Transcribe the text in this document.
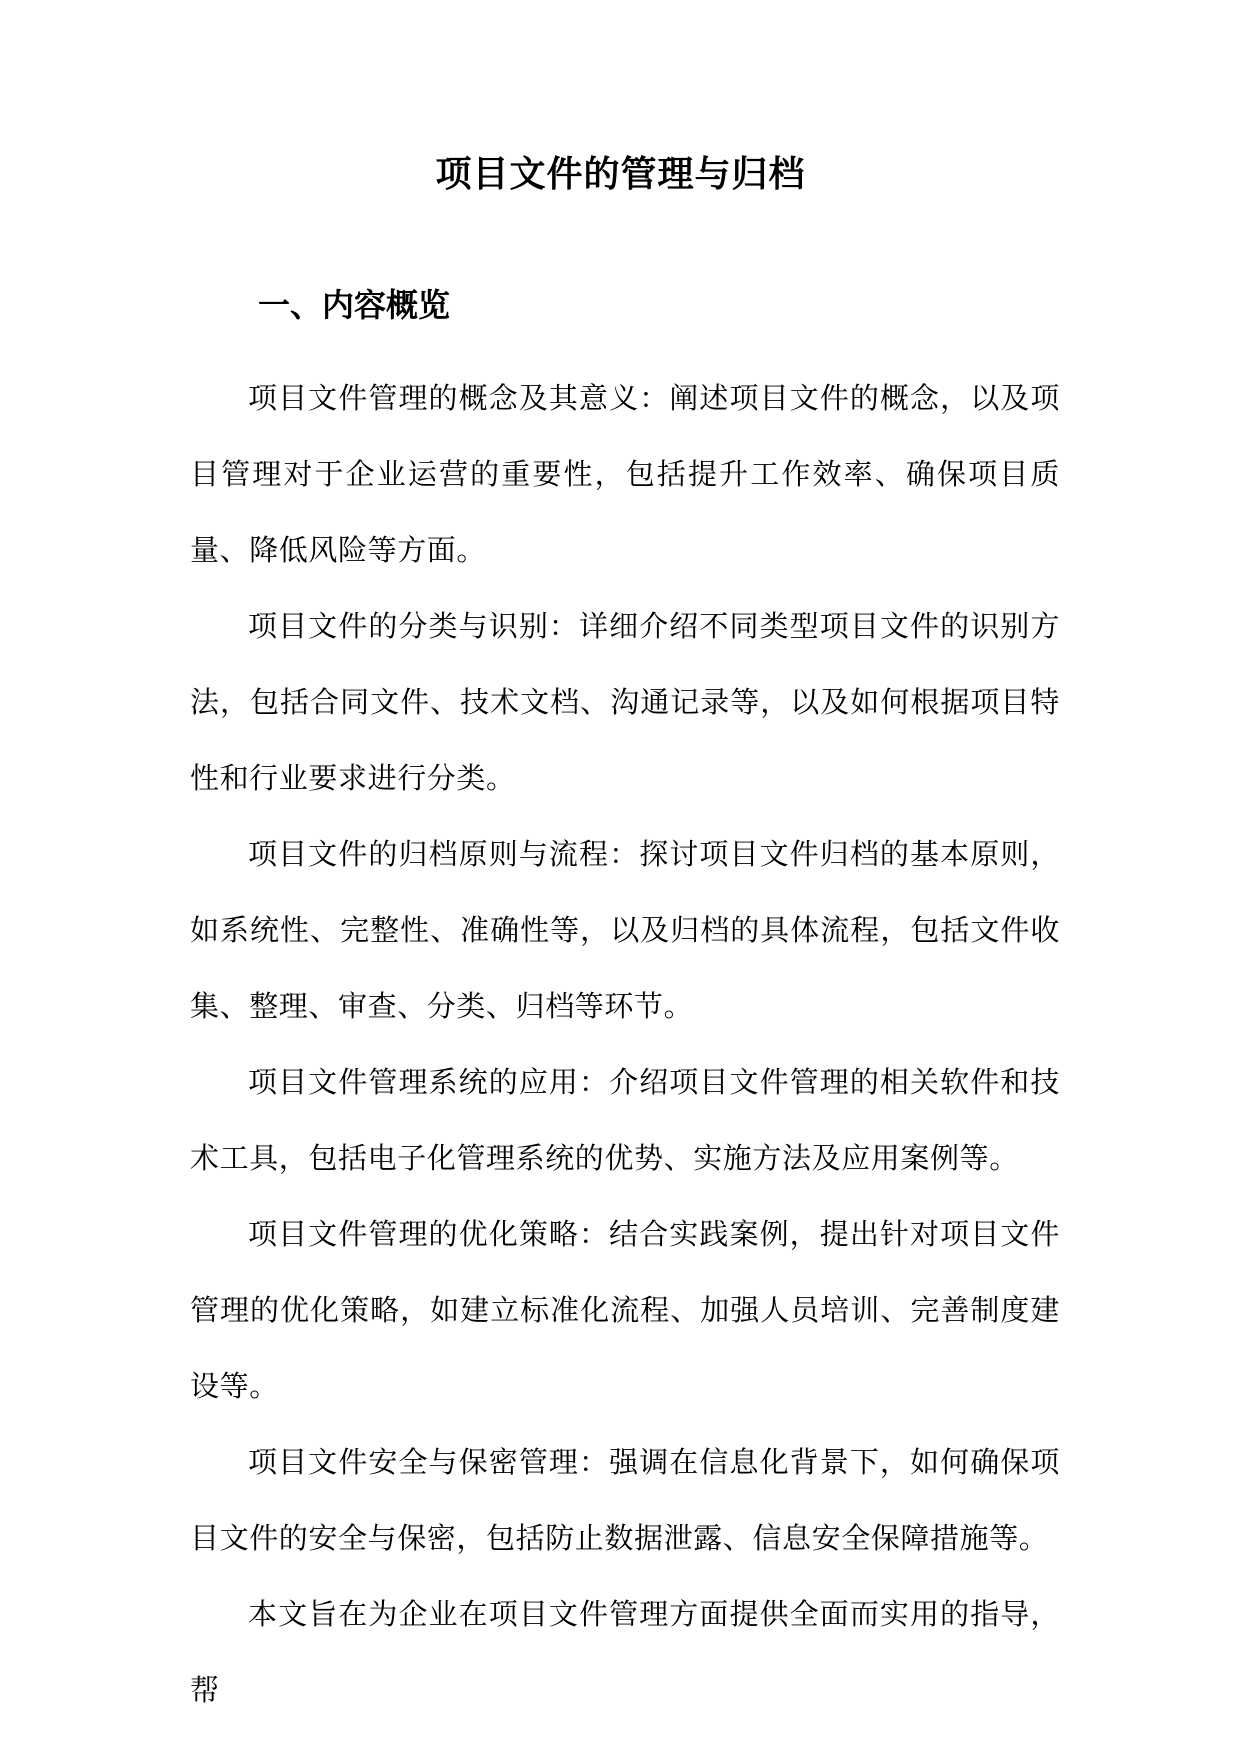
项目文件的管理与归档
一、内容概览

项目文件管理的概念及其意义：阐述项目文件的概念，以及项目管理对于企业运营的重要性，包括提升工作效率、确保项目质量、降低风险等方面。

项目文件的分类与识别：详细介绍不同类型项目文件的识别方法，包括合同文件、技术文档、沟通记录等，以及如何根据项目特性和行业要求进行分类。

项目文件的归档原则与流程：探讨项目文件归档的基本原则，如系统性、完整性、准确性等，以及归档的具体流程，包括文件收集、整理、审查、分类、归档等环节。

项目文件管理系统的应用：介绍项目文件管理的相关软件和技术工具，包括电子化管理系统的优势、实施方法及应用案例等。

项目文件管理的优化策略：结合实践案例，提出针对项目文件管理的优化策略，如建立标准化流程、加强人员培训、完善制度建设等。

项目文件安全与保密管理：强调在信息化背景下，如何确保项目文件的安全与保密，包括防止数据泄露、信息安全保障措施等。

本文旨在为企业在项目文件管理方面提供全面而实用的指导，帮
